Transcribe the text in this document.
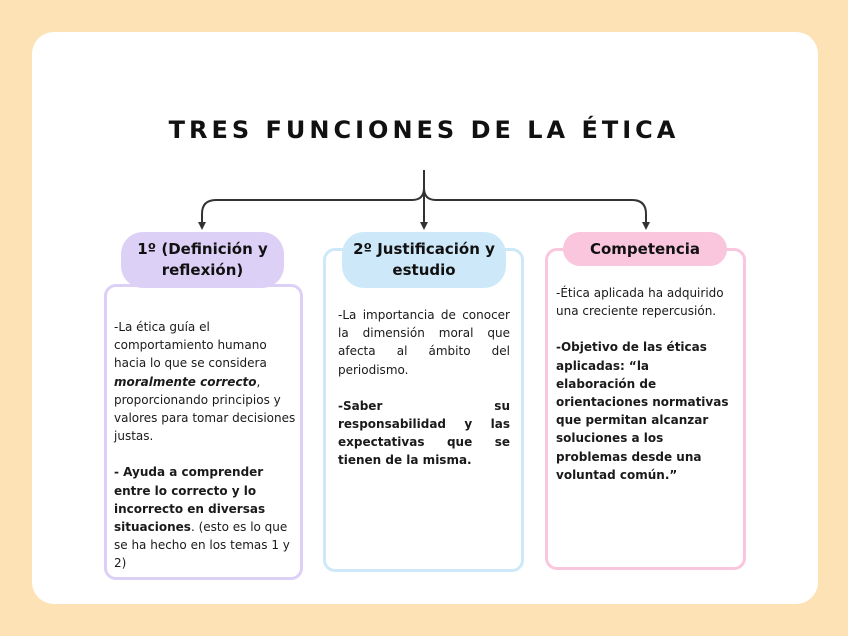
TRES FUNCIONES DE LA ÉTICA
1º (Definición y reflexión)

-La ética guía el comportamiento humano hacia lo que se considera moralmente correcto, proporcionando principios y valores para tomar decisiones justas.

- Ayuda a comprender entre lo correcto y lo incorrecto en diversas situaciones. (esto es lo que se ha hecho en los temas 1 y 2)

2º Justificación y estudio

-La importancia de conocer la dimensión moral que afecta al ámbito del periodismo.

-Saber su responsabilidad y las expectativas que se tienen de la misma.

Competencia

-Ética aplicada ha adquirido una creciente repercusión.

-Objetivo de las éticas aplicadas: “la elaboración de orientaciones normativas que permitan alcanzar soluciones a los problemas desde una voluntad común.”
